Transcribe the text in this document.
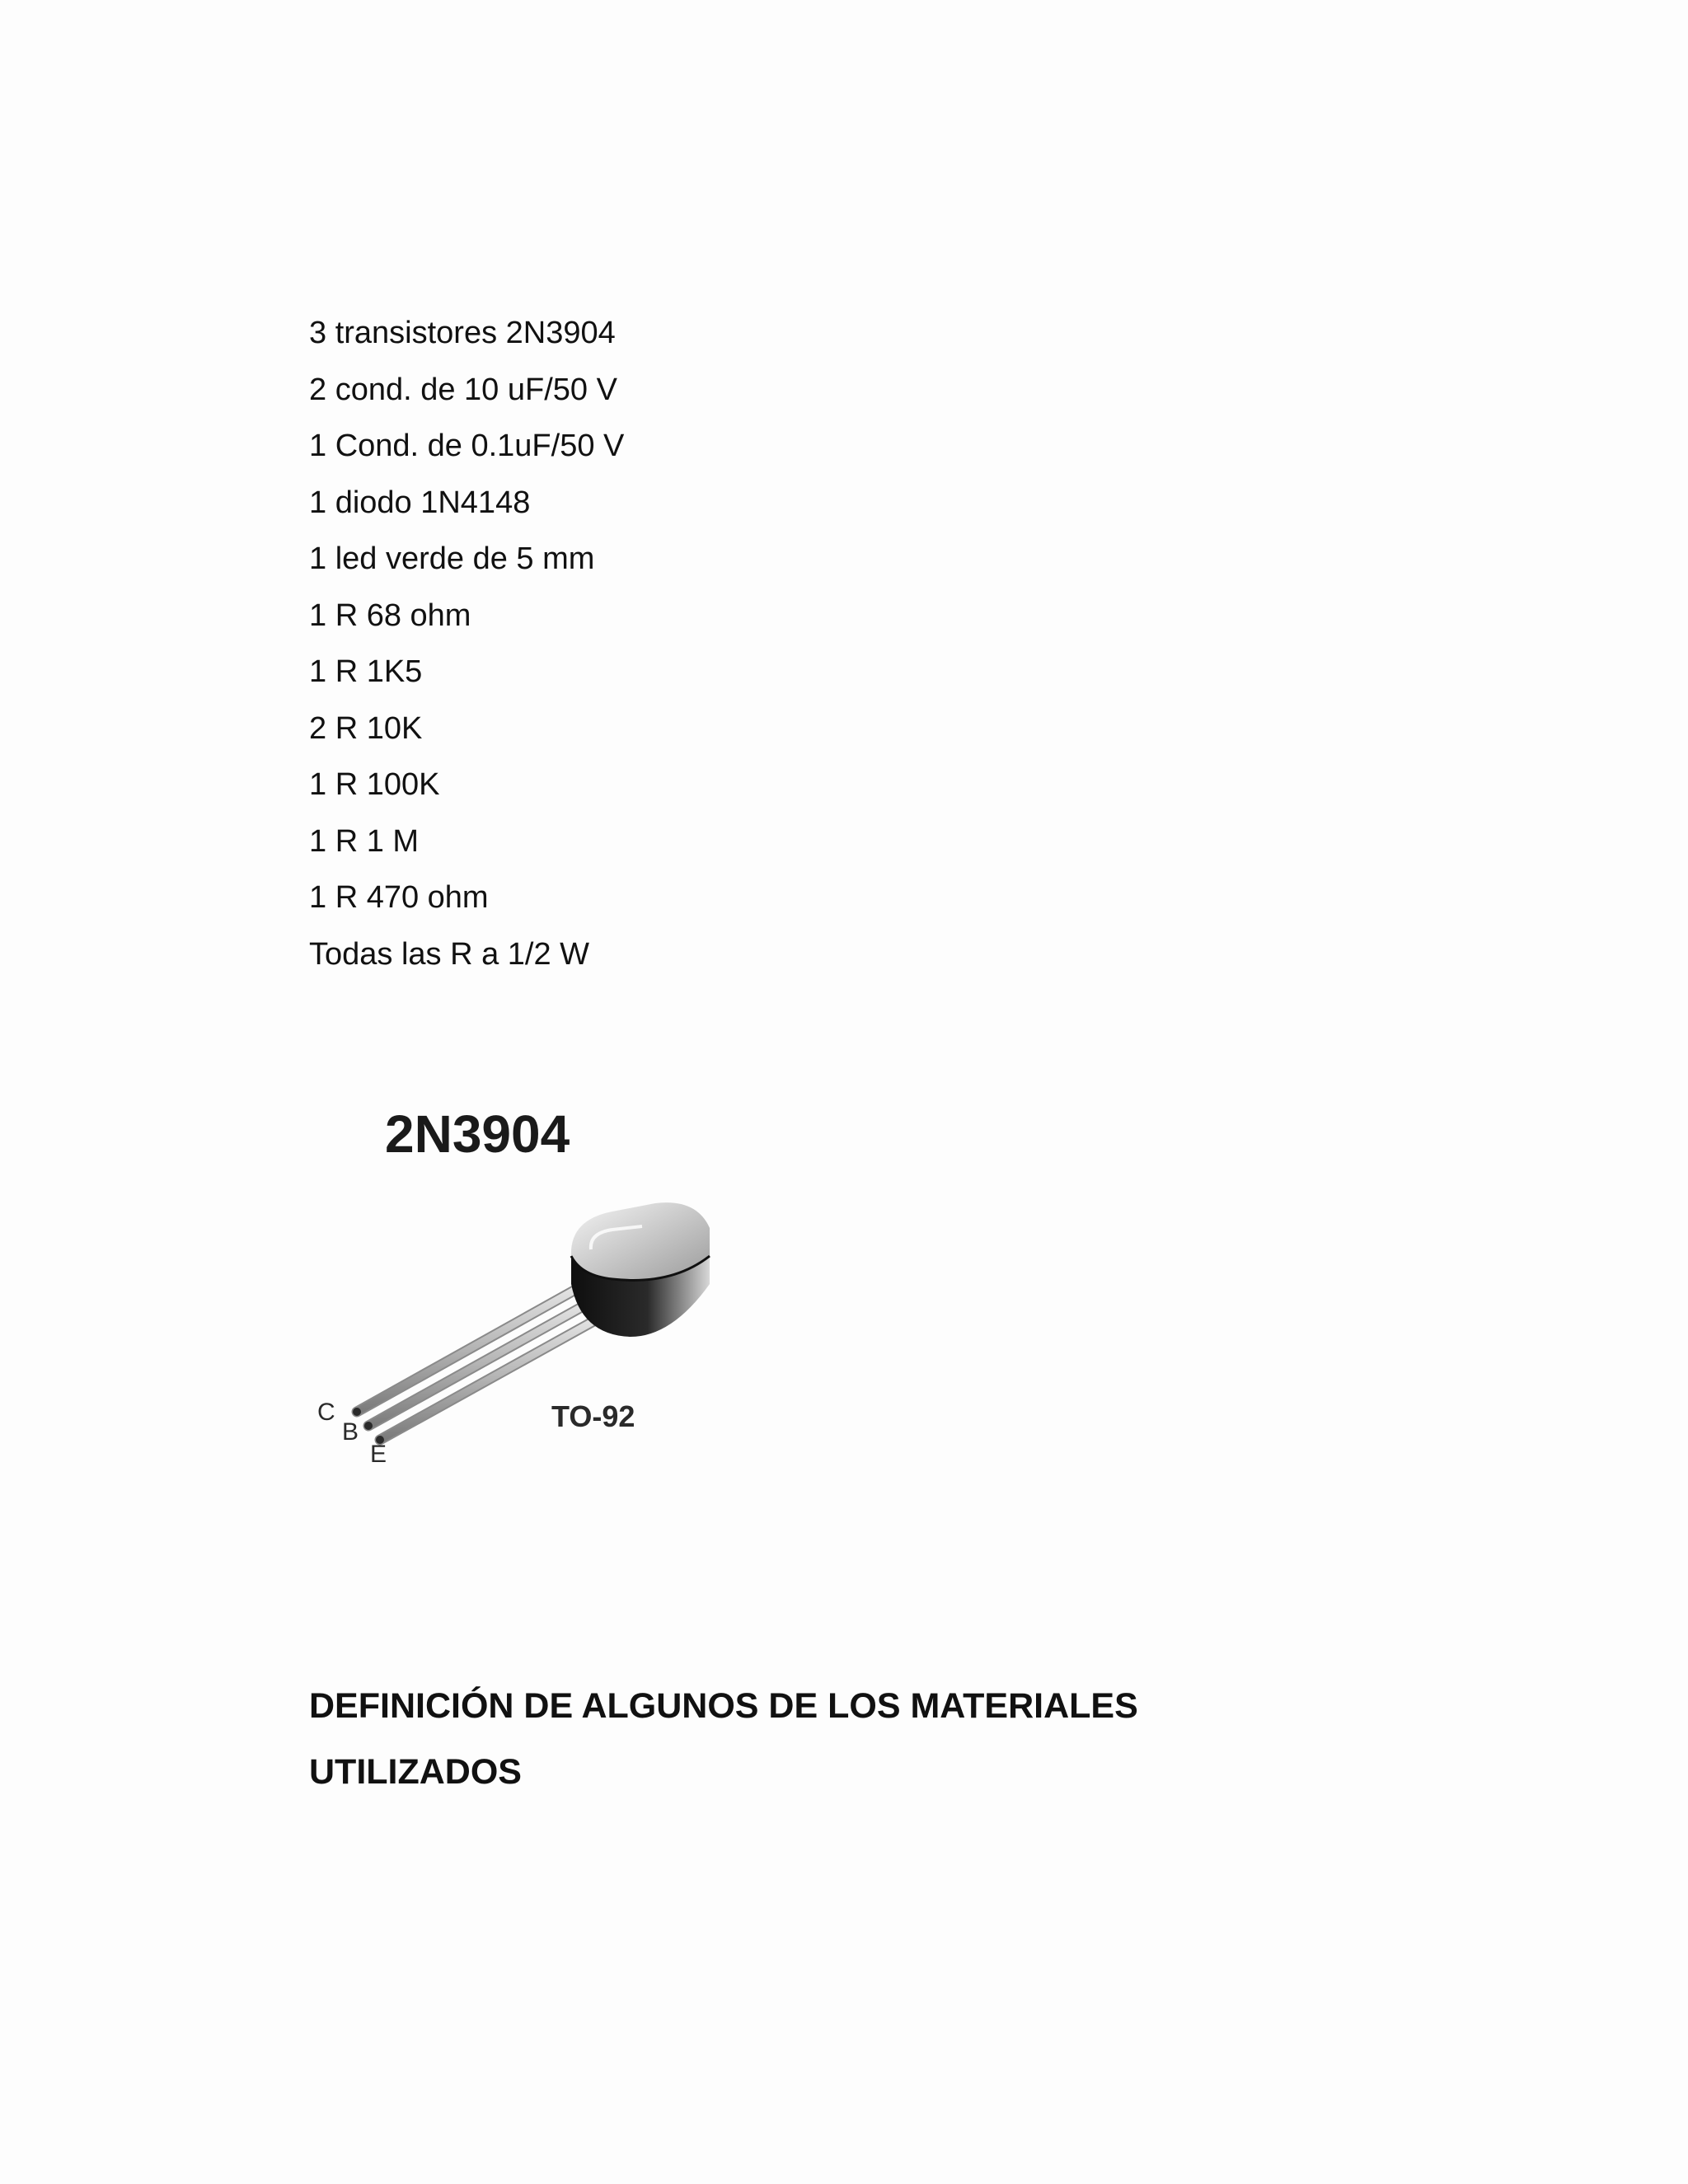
3 transistores 2N3904
2 cond. de 10 uF/50 V
1 Cond. de 0.1uF/50 V
1 diodo 1N4148
1 led verde de 5 mm
1 R 68 ohm
1 R 1K5
2 R 10K
1 R 100K
1 R 1 M
1 R 470 ohm
Todas las R a 1/2 W
2N3904
C
B
E
TO-92
DEFINICIÓN DE ALGUNOS DE LOS MATERIALES
UTILIZADOS
